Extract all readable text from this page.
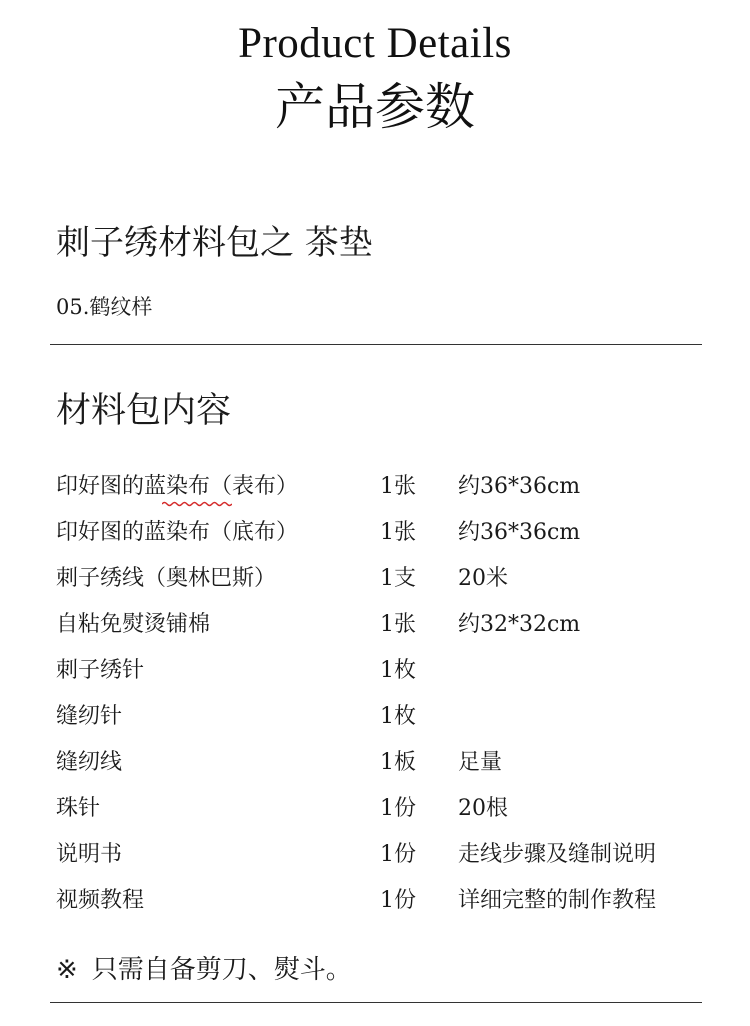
Product Details
产品参数
刺子绣材料包之 茶垫
05.鹤纹样
材料包内容
印好图的蓝染布（表布）	1张 约36*36cm
印好图的蓝染布（底布）	1张 约36*36cm
刺子绣线（奥林巴斯）	1支 20米
自粘免熨烫铺棉	1张 约32*32cm
刺子绣针	1枚
缝纫针	1枚
缝纫线	1板 足量
珠针	1份 20根
说明书	1份 走线步骤及缝制说明
视频教程	1份 详细完整的制作教程
※ 只需自备剪刀、熨斗。
